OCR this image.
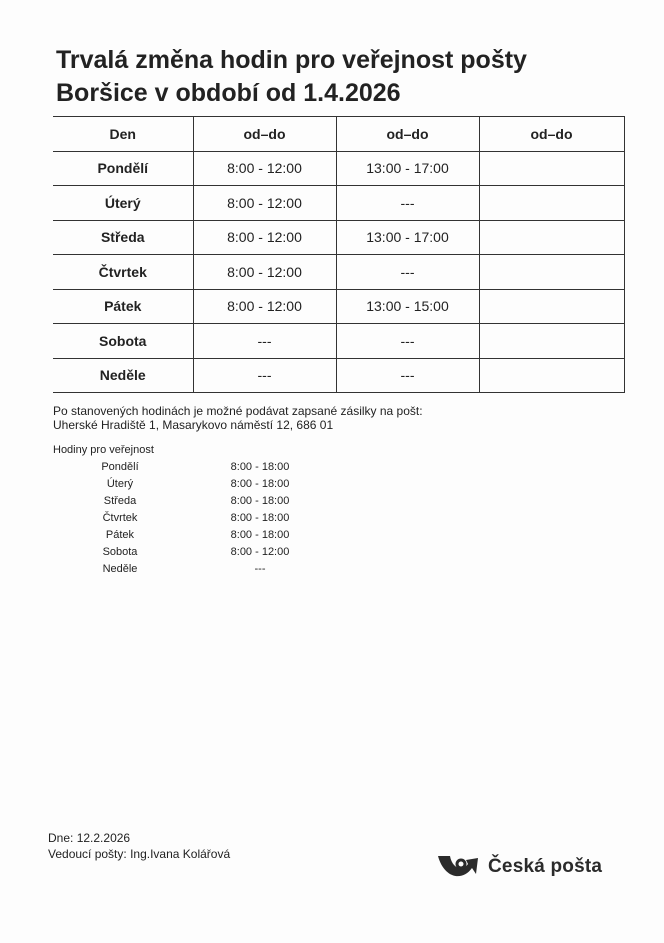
Trvalá změna hodin pro veřejnost pošty
Boršice v období od 1.4.2026
Den	od–do	od–do	od–do
Pondělí	8:00 - 12:00	13:00 - 17:00	
Úterý	8:00 - 12:00	---	
Středa	8:00 - 12:00	13:00 - 17:00	
Čtvrtek	8:00 - 12:00	---	
Pátek	8:00 - 12:00	13:00 - 15:00	
Sobota	---	---	
Neděle	---	---	
Po stanovených hodinách je možné podávat zapsané zásilky na pošt:
Uherské Hradiště 1, Masarykovo náměstí 12, 686 01
Hodiny pro veřejnost
Pondělí	8:00 - 18:00
Úterý	8:00 - 18:00
Středa	8:00 - 18:00
Čtvrtek	8:00 - 18:00
Pátek	8:00 - 18:00
Sobota	8:00 - 12:00
Neděle	---
Dne: 12.2.2026
Vedoucí pošty: Ing.Ivana Kolářová
Česká pošta
